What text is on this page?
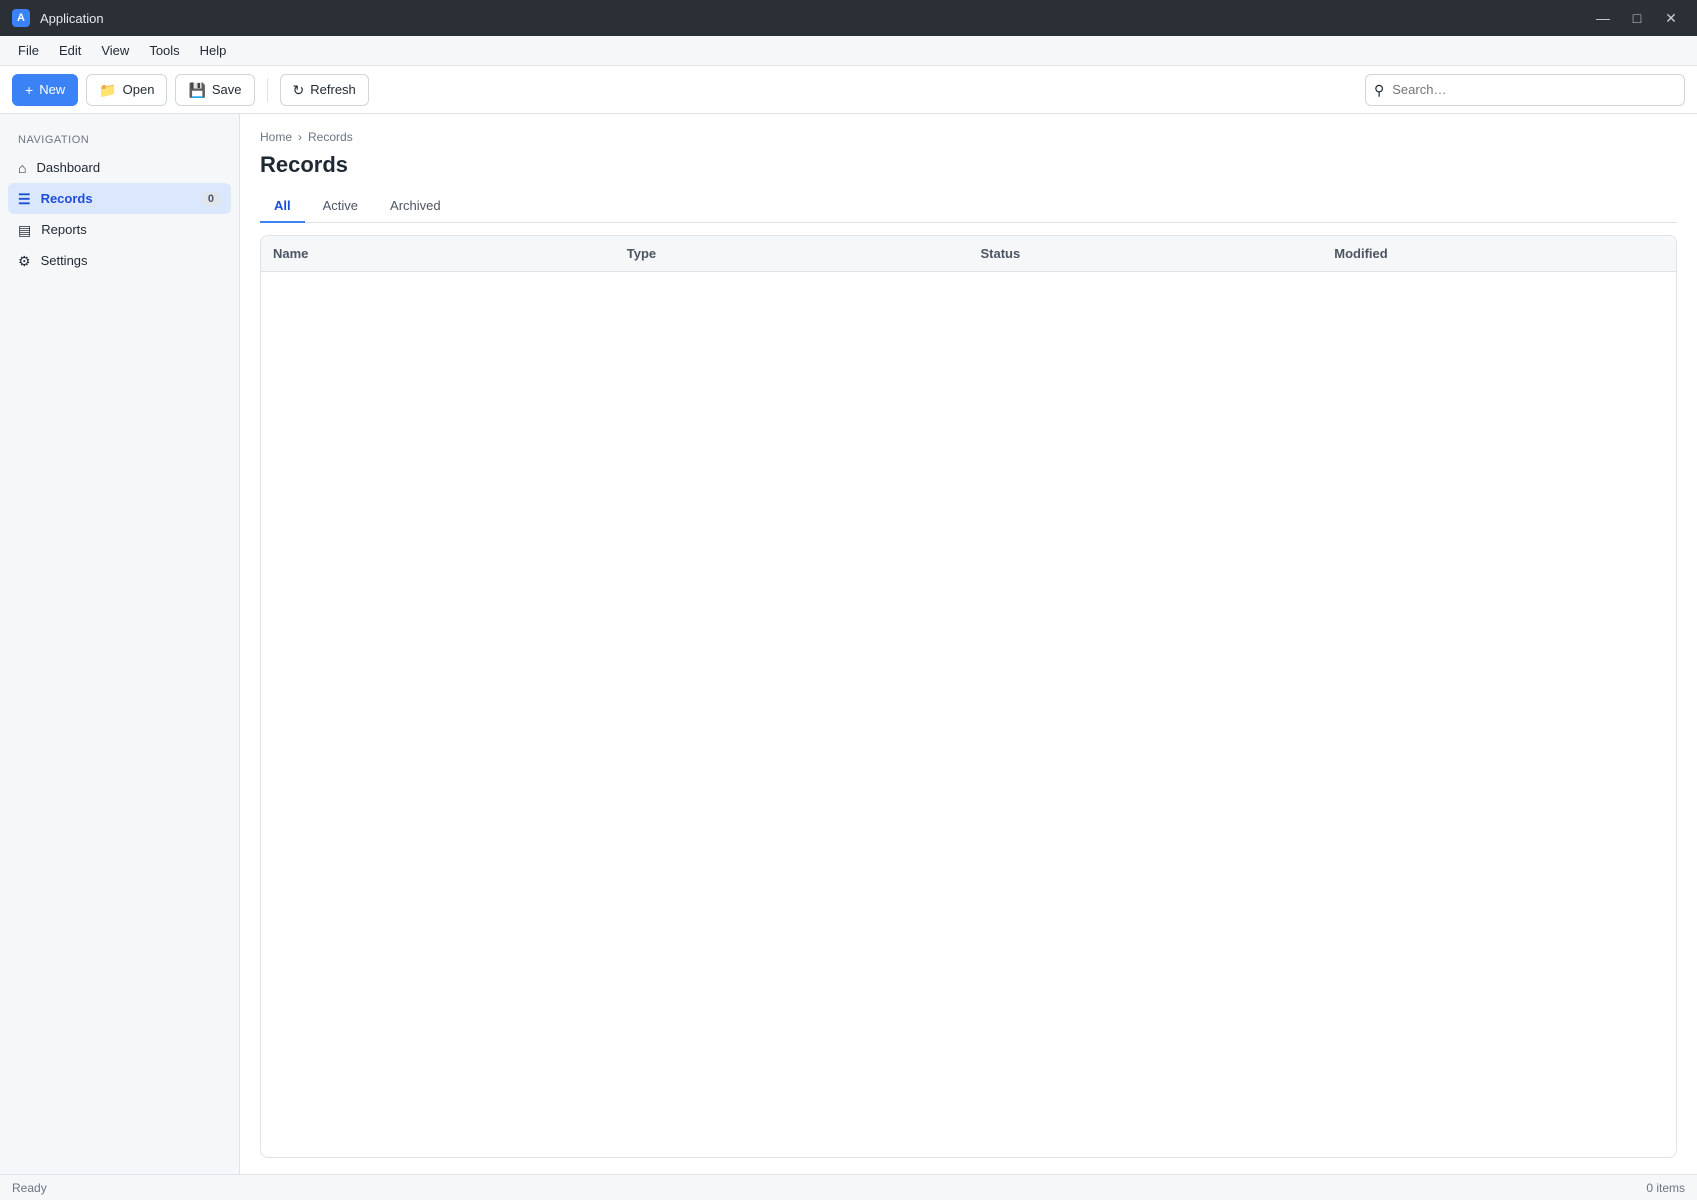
A	Application	— □ ✕
File	Edit	View	Tools	Help
+ New 📁 Open 💾 Save	↻ Refresh	⚲
Search…
NAVIGATION
⌂ Dashboard
☰ Records	0
▤ Reports
⚙ Settings
Home › Records
Records
All	Active	Archived
Name	Type	Status	Modified
Ready	0 items
